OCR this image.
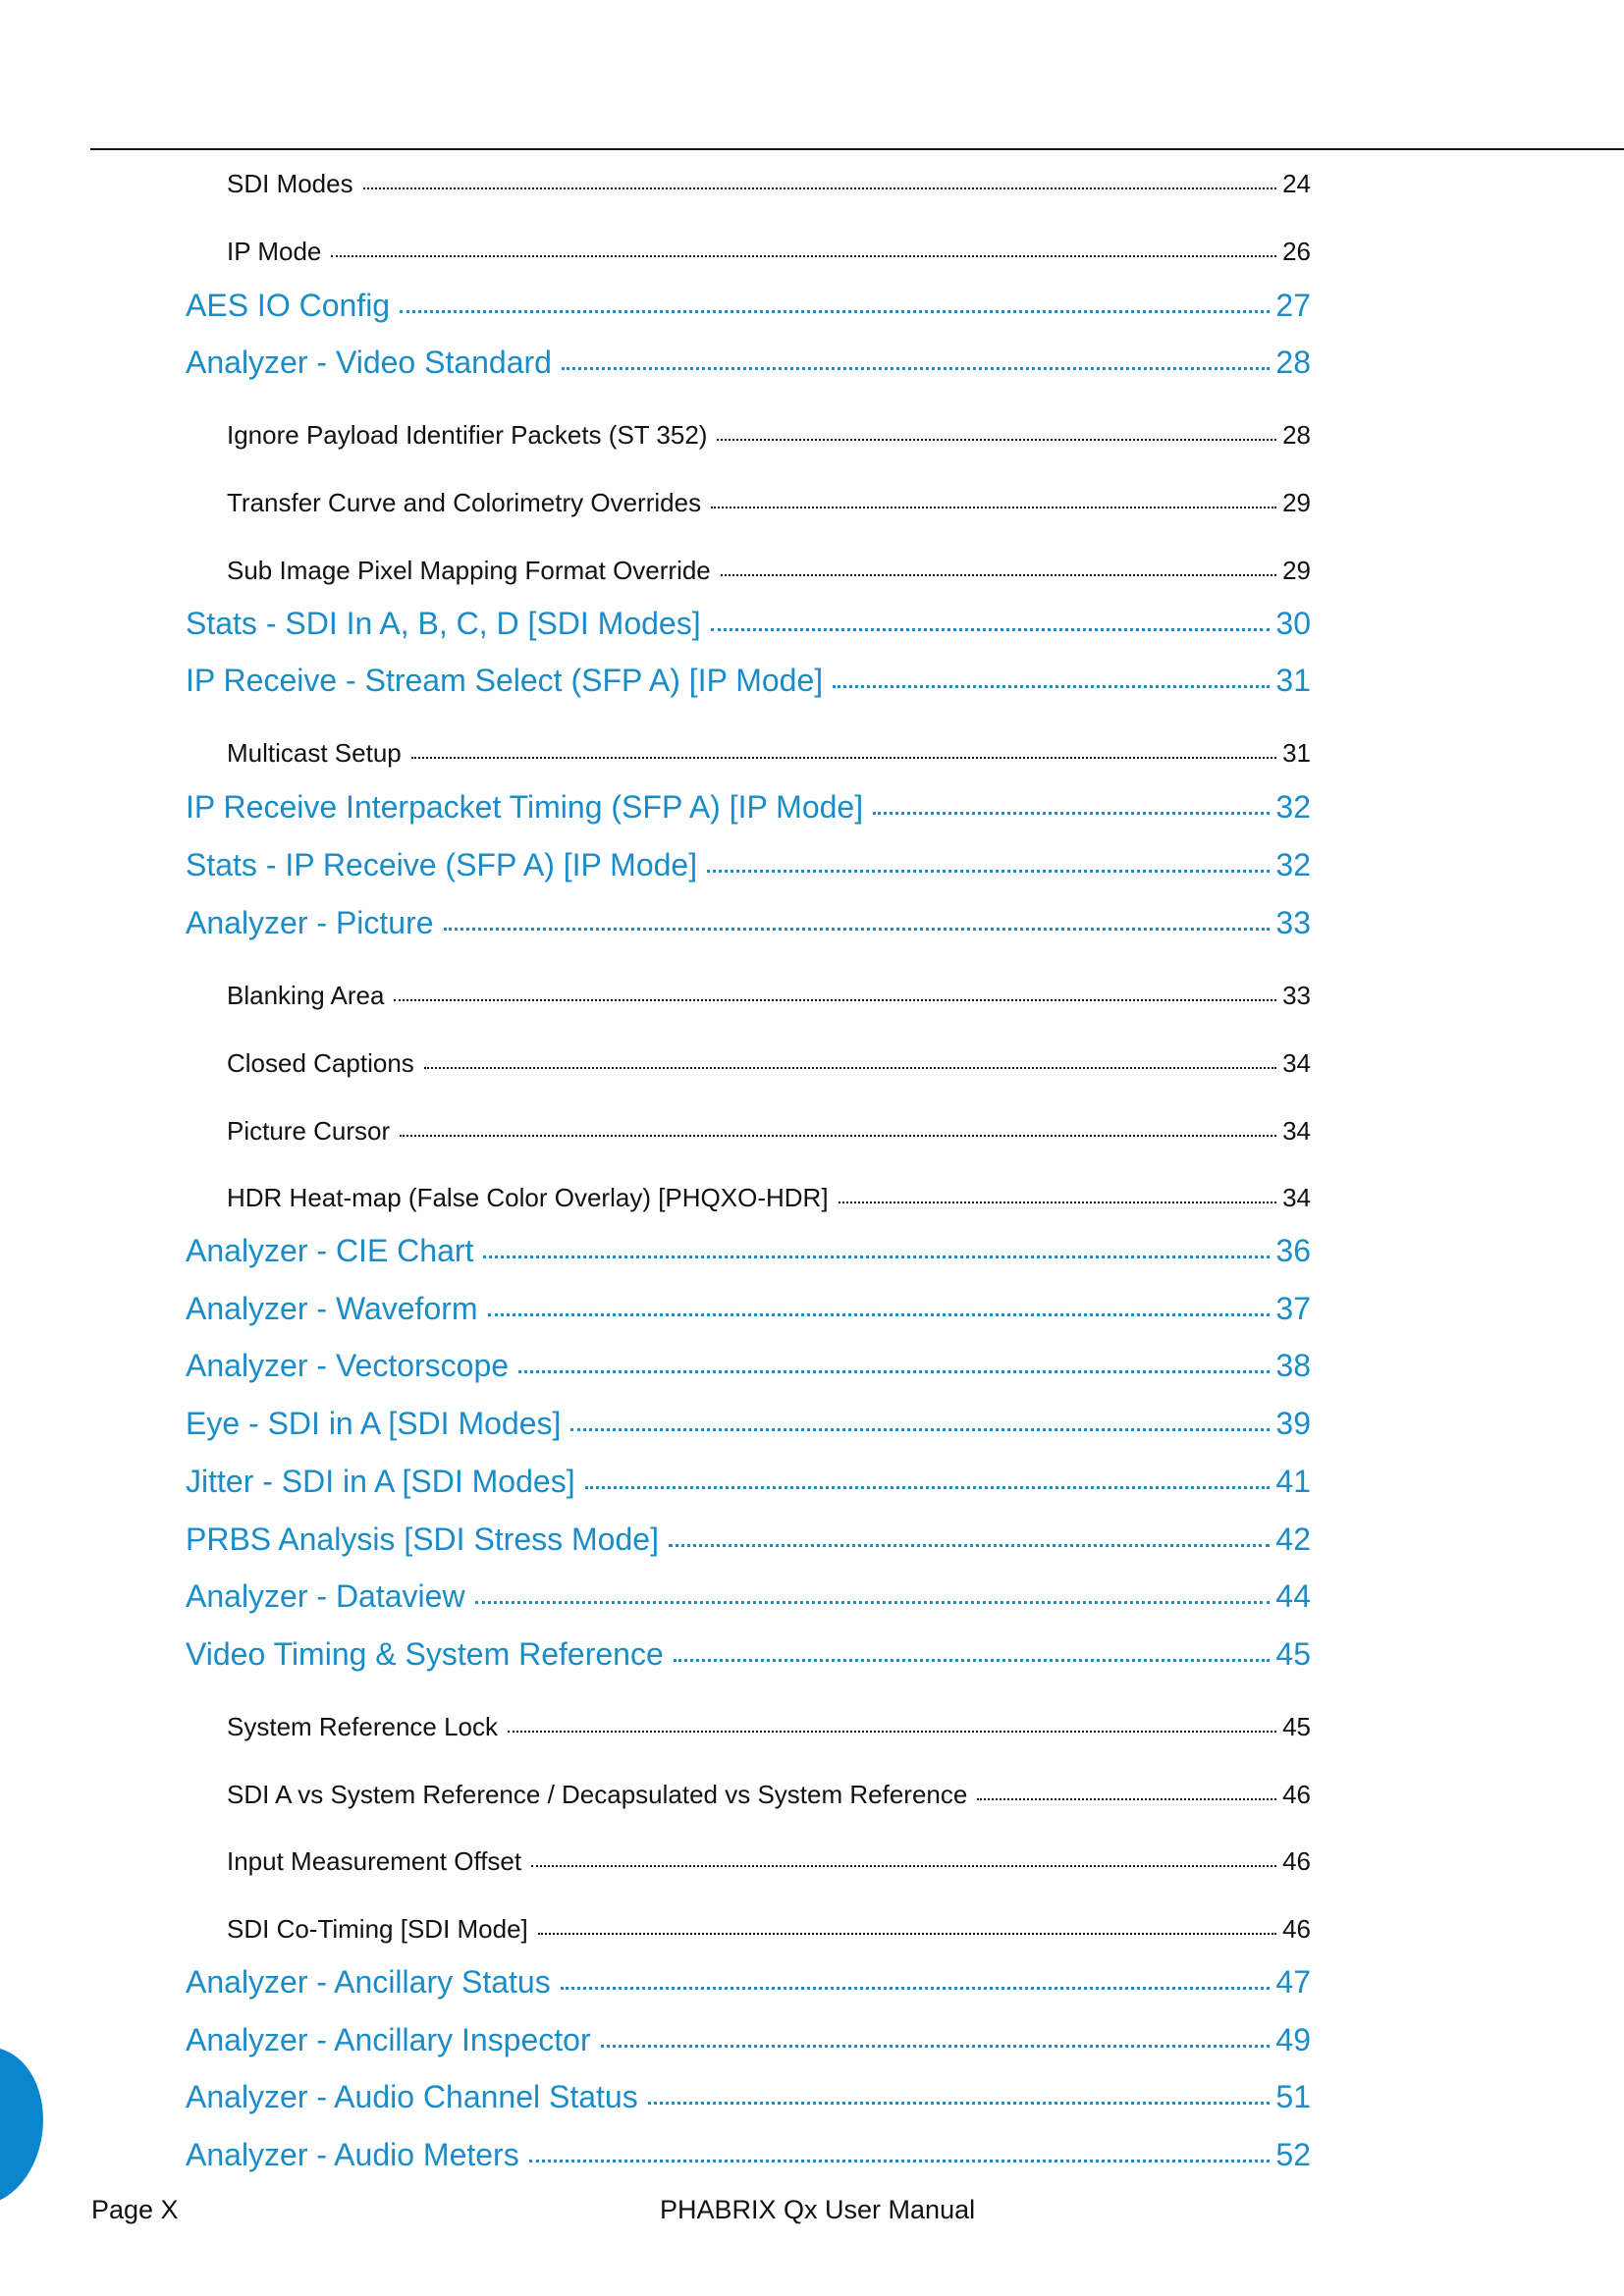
SDI Modes	24
IP Mode	26
AES IO Config	27
Analyzer - Video Standard	28
Ignore Payload Identifier Packets (ST 352)	28
Transfer Curve and Colorimetry Overrides	29
Sub Image Pixel Mapping Format Override	29
Stats - SDI In A, B, C, D [SDI Modes]	30
IP Receive - Stream Select (SFP A) [IP Mode]	31
Multicast Setup	31
IP Receive Interpacket Timing (SFP A) [IP Mode]	32
Stats - IP Receive (SFP A) [IP Mode]	32
Analyzer - Picture	33
Blanking Area	33
Closed Captions	34
Picture Cursor	34
HDR Heat-map (False Color Overlay) [PHQXO-HDR]	34
Analyzer - CIE Chart	36
Analyzer - Waveform	37
Analyzer - Vectorscope	38
Eye - SDI in A [SDI Modes]	39
Jitter - SDI in A [SDI Modes]	41
PRBS Analysis [SDI Stress Mode]	42
Analyzer - Dataview	44
Video Timing & System Reference	45
System Reference Lock	45
SDI A vs System Reference / Decapsulated vs System Reference	46
Input Measurement Offset	46
SDI Co-Timing [SDI Mode]	46
Analyzer - Ancillary Status	47
Analyzer - Ancillary Inspector	49
Analyzer - Audio Channel Status	51
Analyzer - Audio Meters	52
Page X	PHABRIX Qx User Manual
